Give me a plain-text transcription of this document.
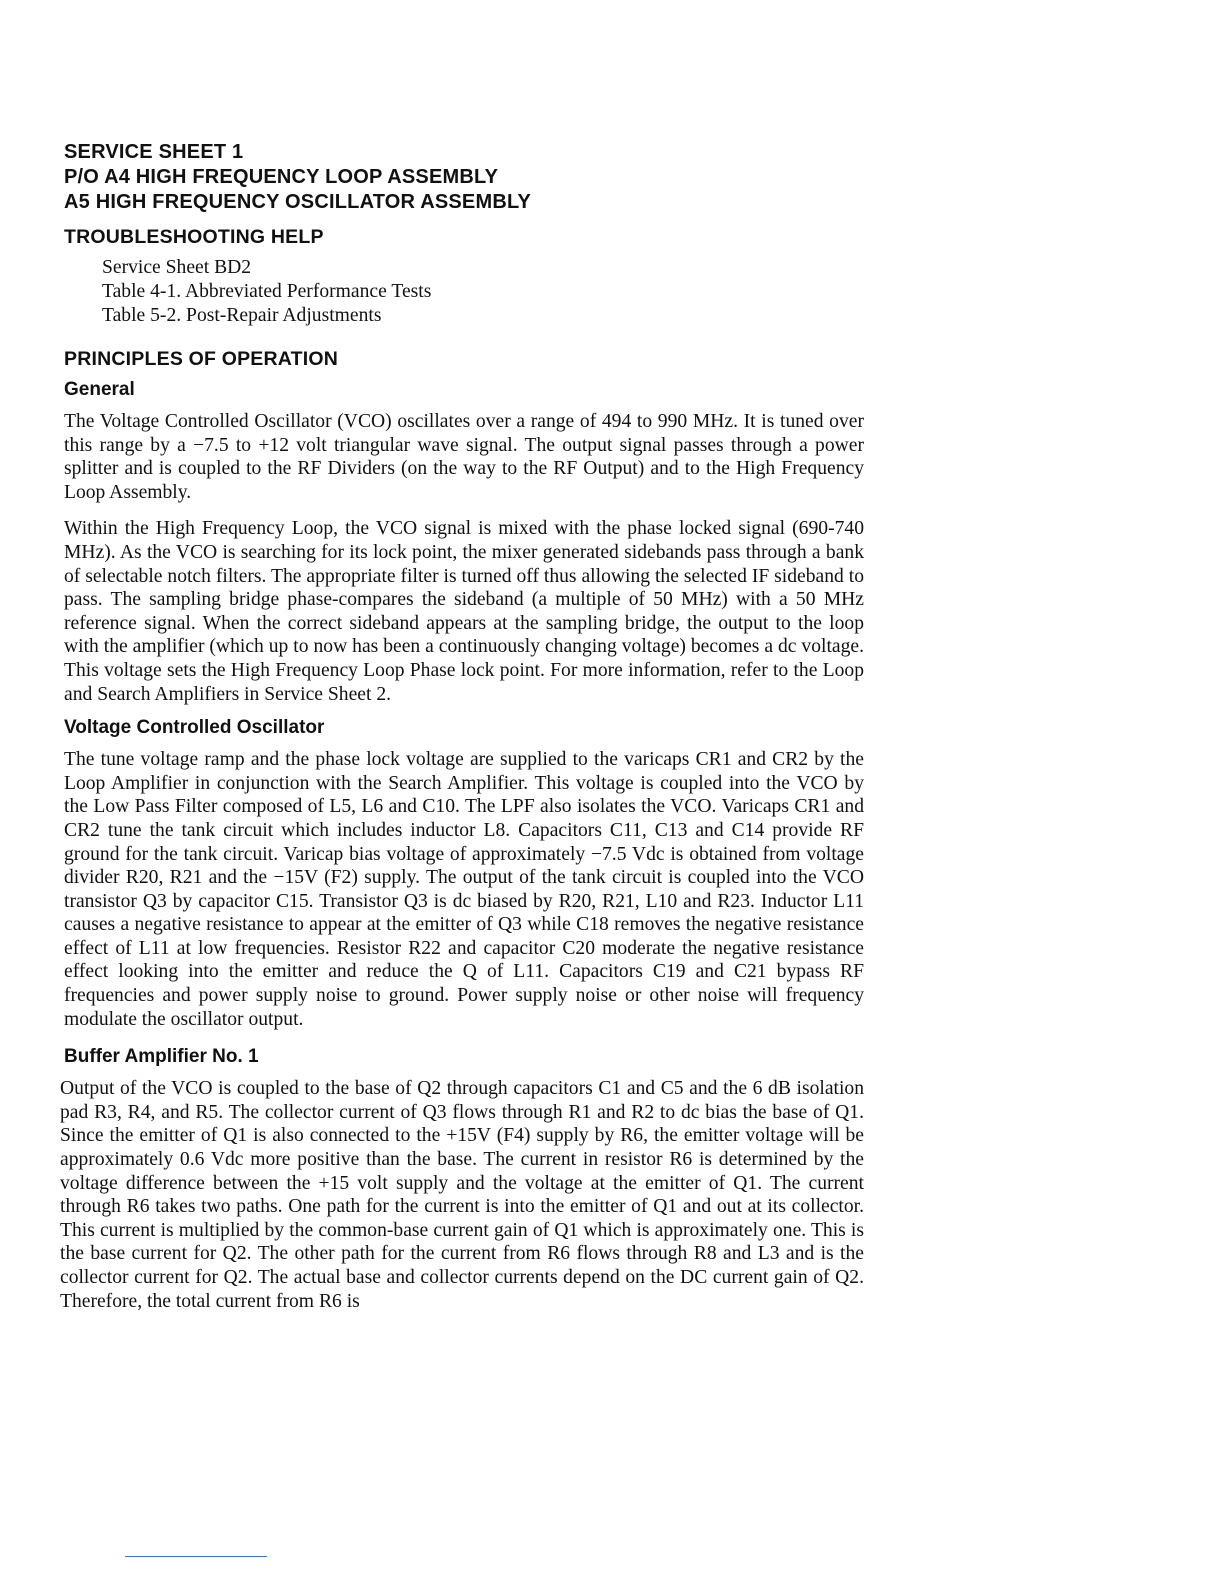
SERVICE SHEET 1

P/O A4 HIGH FREQUENCY LOOP ASSEMBLY

A5 HIGH FREQUENCY OSCILLATOR ASSEMBLY

TROUBLESHOOTING HELP
Service Sheet BD2
Table 4-1. Abbreviated Performance Tests
Table 5-2. Post-Repair Adjustments
PRINCIPLES OF OPERATION
General

The Voltage Controlled Oscillator (VCO) oscillates over a range of 494 to 990 MHz. It is tuned over this range by a −7.5 to +12 volt triangular wave signal. The output signal passes through a power splitter and is coupled to the RF Dividers (on the way to the RF Output) and to the High Frequency Loop Assembly.

Within the High Frequency Loop, the VCO signal is mixed with the phase locked signal (690-740 MHz). As the VCO is searching for its lock point, the mixer generated sidebands pass through a bank of selectable notch filters. The appropriate filter is turned off thus allowing the selected IF sideband to pass. The sampling bridge phase-compares the sideband (a multiple of 50 MHz) with a 50 MHz reference signal. When the correct sideband appears at the sampling bridge, the output to the loop with the amplifier (which up to now has been a continuously changing voltage) becomes a dc voltage. This voltage sets the High Frequency Loop Phase lock point. For more information, refer to the Loop and Search Amplifiers in Service Sheet 2.

Voltage Controlled Oscillator

The tune voltage ramp and the phase lock voltage are supplied to the varicaps CR1 and CR2 by the Loop Amplifier in conjunction with the Search Amplifier. This voltage is coupled into the VCO by the Low Pass Filter composed of L5, L6 and C10. The LPF also isolates the VCO. Varicaps CR1 and CR2 tune the tank circuit which includes inductor L8. Capacitors C11, C13 and C14 provide RF ground for the tank circuit. Varicap bias voltage of approximately −7.5 Vdc is obtained from voltage divider R20, R21 and the −15V (F2) supply. The output of the tank circuit is coupled into the VCO transistor Q3 by capacitor C15. Transistor Q3 is dc biased by R20, R21, L10 and R23. Inductor L11 causes a negative resistance to appear at the emitter of Q3 while C18 removes the negative resistance effect of L11 at low frequencies. Resistor R22 and capacitor C20 moderate the negative resistance effect looking into the emitter and reduce the Q of L11. Capacitors C19 and C21 bypass RF frequencies and power supply noise to ground. Power supply noise or other noise will frequency modulate the oscillator output.

Buffer Amplifier No. 1

Output of the VCO is coupled to the base of Q2 through capacitors C1 and C5 and the 6 dB isolation pad R3, R4, and R5. The collector current of Q3 flows through R1 and R2 to dc bias the base of Q1. Since the emitter of Q1 is also connected to the +15V (F4) supply by R6, the emitter voltage will be approximately 0.6 Vdc more positive than the base. The current in resistor R6 is determined by the voltage difference between the +15 volt supply and the voltage at the emitter of Q1. The current through R6 takes two paths. One path for the current is into the emitter of Q1 and out at its collector. This current is multiplied by the common-base current gain of Q1 which is approximately one. This is the base current for Q2. The other path for the current from R6 flows through R8 and L3 and is the collector current for Q2. The actual base and collector currents depend on the DC current gain of Q2. Therefore, the total current from R6 is
